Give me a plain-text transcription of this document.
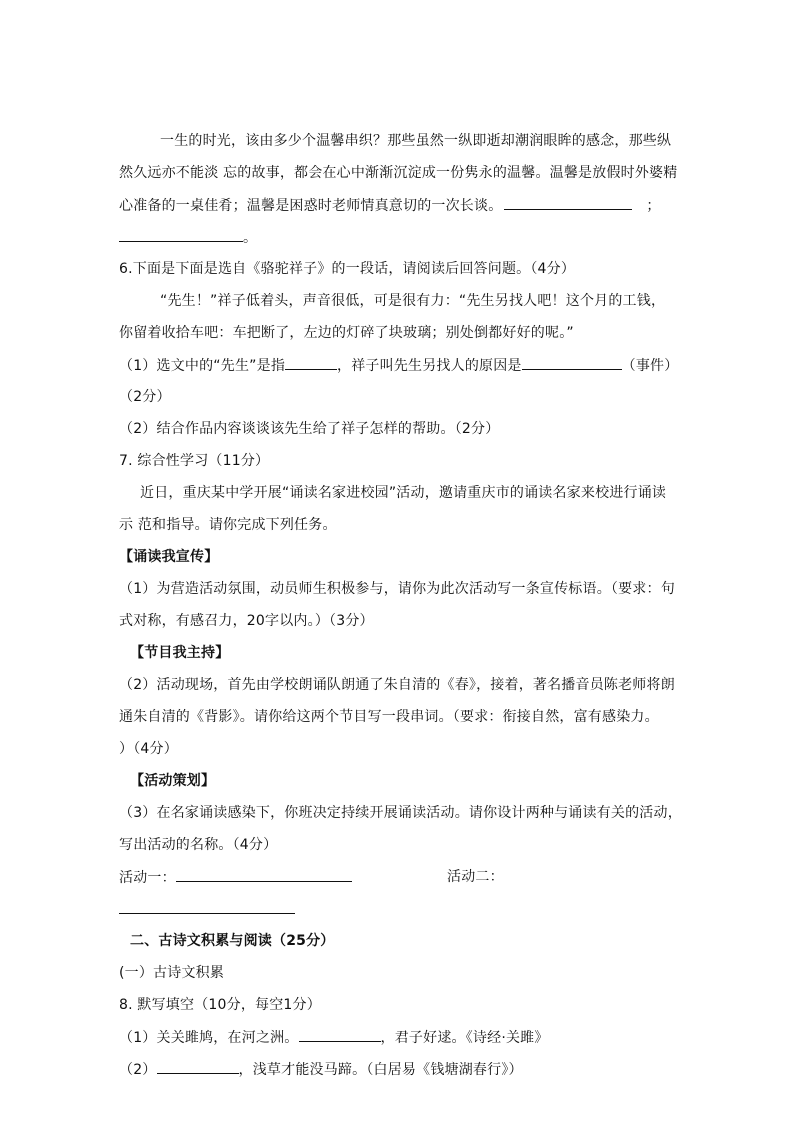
一生的时光，该由多少个温馨串织？那些虽然一纵即逝却潮润眼眸的感念，那些纵
然久远亦不能淡 忘的故事，都会在心中渐渐沉淀成一份隽永的温馨。温馨是放假时外婆精
心准备的一桌佳肴；温馨是困惑时老师情真意切的一次长谈。	；
。
6.下面是下面是选自《骆驼祥子》的一段话，请阅读后回答问题。（4分）
“先生！”祥子低着头，声音很低，可是很有力：“先生另找人吧！这个月的工钱，
你留着收拾车吧：车把断了，左边的灯碎了块玻璃；别处倒都好好的呢。”
（1）选文中的“先生”是指	，祥子叫先生另找人的原因是	（事件）
（2分）
（2）结合作品内容谈谈该先生给了祥子怎样的帮助。（2分）
7. 综合性学习（11分）
近日，重庆某中学开展“诵读名家进校园”活动，邀请重庆市的诵读名家来校进行诵读
示 范和指导。请你完成下列任务。
【诵读我宣传】
（1）为营造活动氛围，动员师生积极参与，请你为此次活动写一条宣传标语。（要求：句
式对称，有感召力，20字以内。）（3分）
【节目我主持】
（2）活动现场，首先由学校朗诵队朗通了朱自清的《春》，接着，著名播音员陈老师将朗
通朱自清的《背影》。请你给这两个节目写一段串词。（要求：衔接自然，富有感染力。
）（4分）
【活动策划】
（3）在名家诵读感染下，你班决定持续开展诵读活动。请你设计两种与诵读有关的活动，
写出活动的名称。（4分）
活动一：	活动二：
二、古诗文积累与阅读（25分）
(一）古诗文积累
8. 默写填空（10分，每空1分）
（1）关关雎鸠，在河之洲。	，君子好逑。《诗经·关雎》
（2）	，浅草才能没马蹄。（白居易《钱塘湖春行》）
